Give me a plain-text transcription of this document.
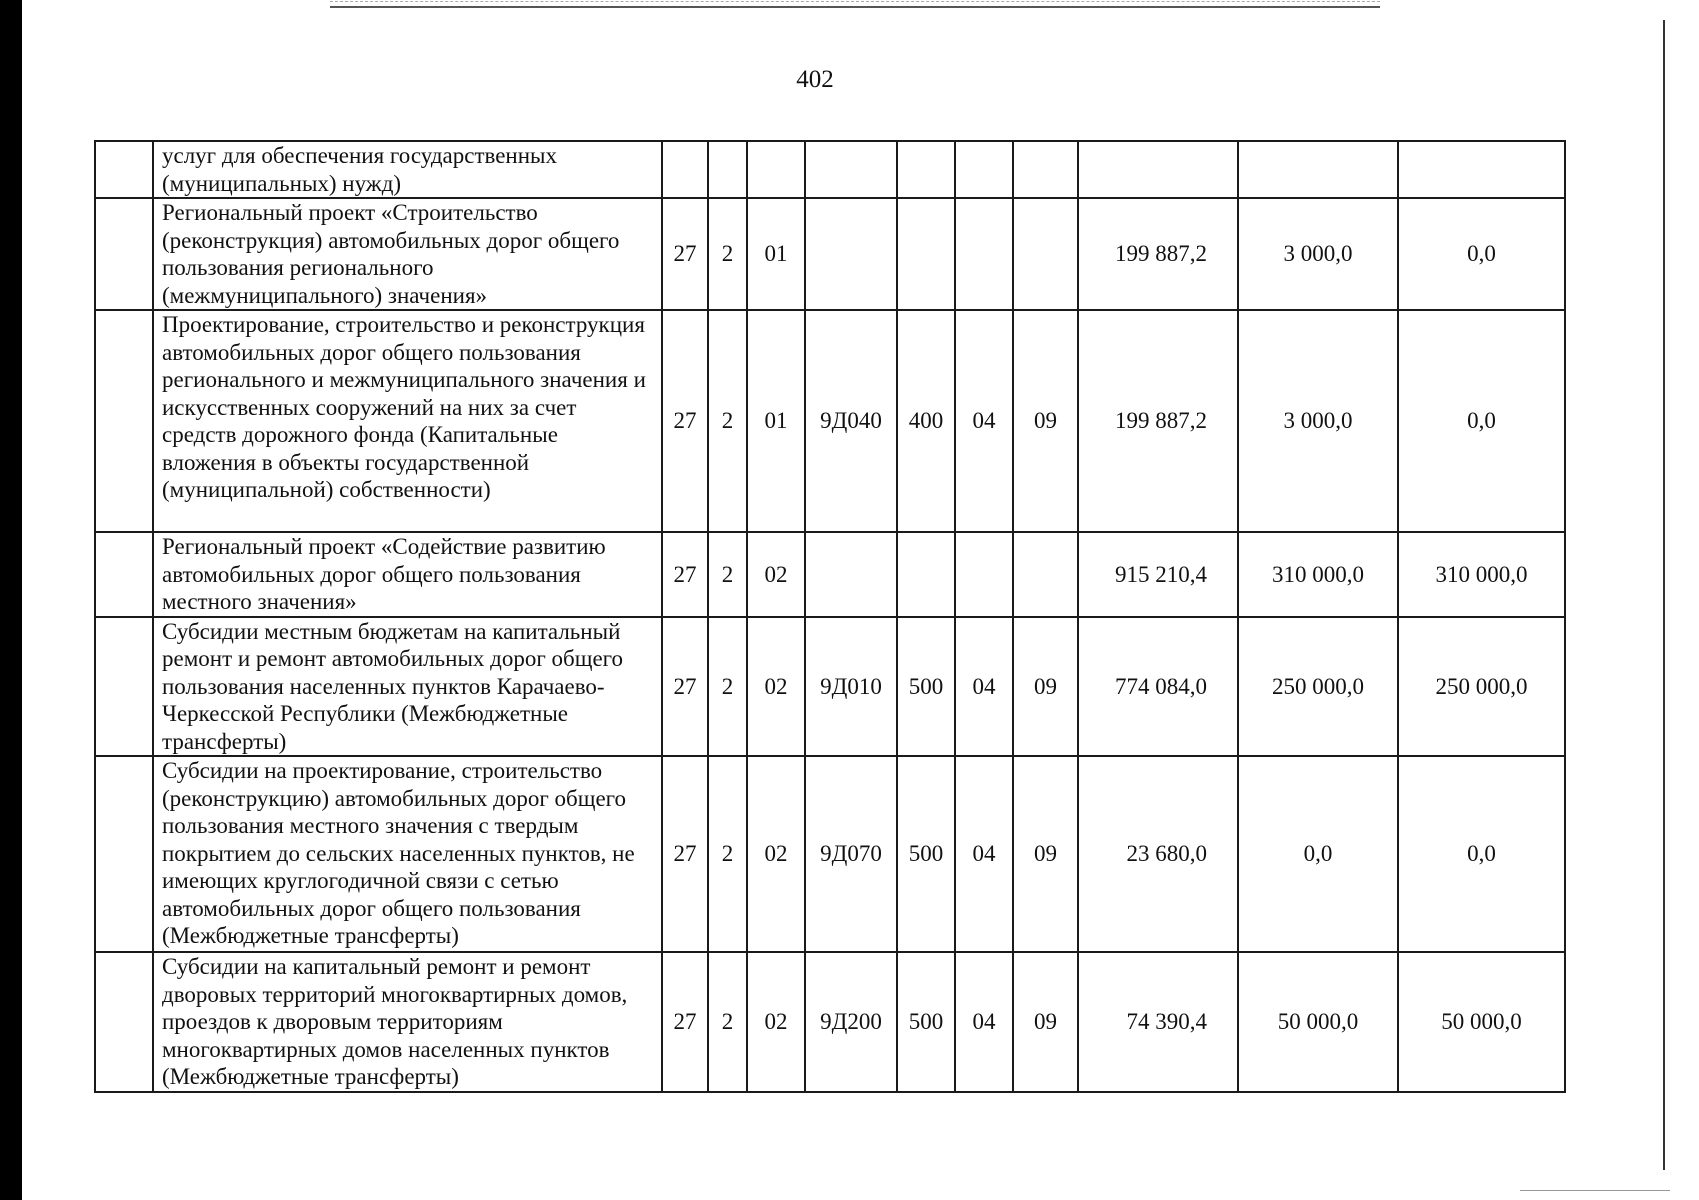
402
	услуг для обеспечения государственных (муниципальных) нужд)										
	Региональный проект «Строительство (реконструкция) автомобильных дорог общего пользования регионального (межмуниципального) значения»	27	2	01					199 887,2	3 000,0	0,0
	Проектирование, строительство и реконструкция автомобильных дорог общего пользования регионального и межмуниципального значения и искусственных сооружений на них за счет средств дорожного фонда (Капитальные вложения в объекты государственной (муниципальной) собственности)	27	2	01	9Д040	400	04	09	199 887,2	3 000,0	0,0
	Региональный проект «Содействие развитию автомобильных дорог общего пользования местного значения»	27	2	02					915 210,4	310 000,0	310 000,0
	Субсидии местным бюджетам на капитальный ремонт и ремонт автомобильных дорог общего пользования населенных пунктов Карачаево-Черкесской Республики (Межбюджетные трансферты)	27	2	02	9Д010	500	04	09	774 084,0	250 000,0	250 000,0
	Субсидии на проектирование, строительство (реконструкцию) автомобильных дорог общего пользования местного значения с твердым покрытием до сельских населенных пунктов, не имеющих круглогодичной связи с сетью автомобильных дорог общего пользования (Межбюджетные трансферты)	27	2	02	9Д070	500	04	09	23 680,0	0,0	0,0
	Субсидии на капитальный ремонт и ремонт дворовых территорий многоквартирных домов, проездов к дворовым территориям многоквартирных домов населенных пунктов (Межбюджетные трансферты)	27	2	02	9Д200	500	04	09	74 390,4	50 000,0	50 000,0
